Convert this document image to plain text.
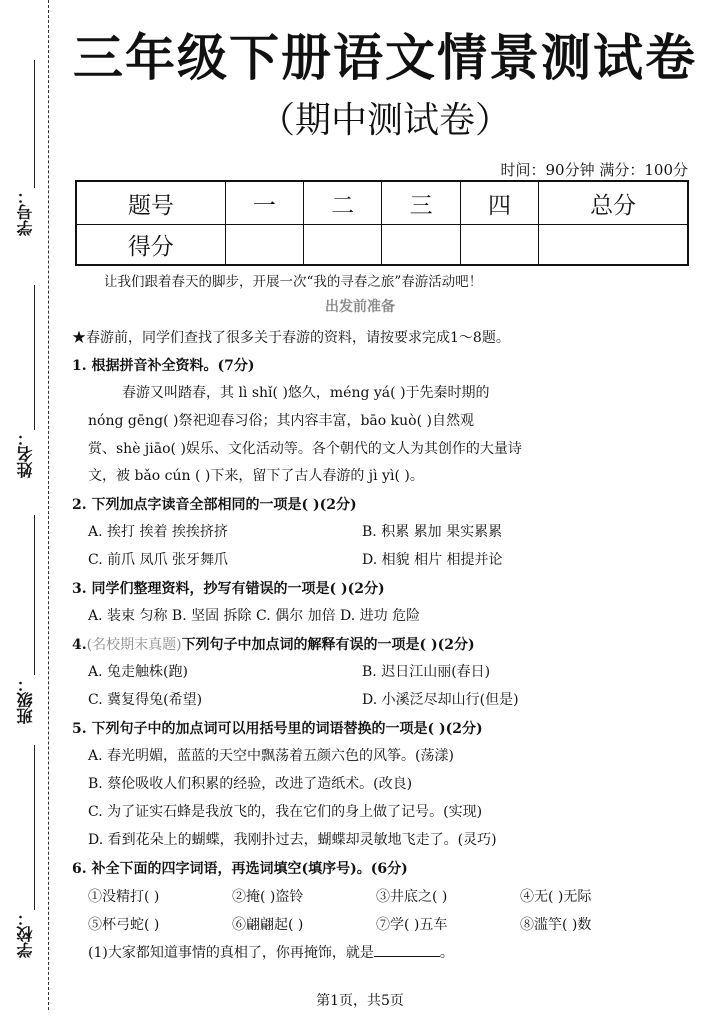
学号：
姓名：
班级：
学校：
三年级下册语文情景测试卷
（期中测试卷）
时间：90分钟 满分：100分
题号	一	二	三	四	总分
得分					
让我们跟着春天的脚步，开展一次“我的寻春之旅”春游活动吧！
出发前准备
★春游前，同学们查找了很多关于春游的资料，请按要求完成1～8题。
1. 根据拼音补全资料。(7分)
春游又叫踏春，其 lì shǐ( )悠久，méng yá( )于先秦时期的
nóng gēng( )祭祀迎春习俗；其内容丰富，bāo kuò( )自然观
赏、shè jiāo( )娱乐、文化活动等。各个朝代的文人为其创作的大量诗
文，被 bǎo cún ( )下来，留下了古人春游的 jì yì( )。
2. 下列加点字读音全部相同的一项是( )(2分)
A. 挨打 挨着 挨挨挤挤	B. 积累 累加 果实累累
C. 前爪 凤爪 张牙舞爪	D. 相貌 相片 相提并论
3. 同学们整理资料，抄写有错误的一项是( )(2分)
A. 装束 匀称 B. 坚固 拆除 C. 偶尔 加倍 D. 进功 危险
4.(名校期末真题)下列句子中加点词的解释有误的一项是( )(2分)
A. 兔走触株(跑)	B. 迟日江山丽(春日)
C. 冀复得兔(希望)	D. 小溪泛尽却山行(但是)
5. 下列句子中的加点词可以用括号里的词语替换的一项是( )(2分)
A. 春光明媚，蓝蓝的天空中飘荡着五颜六色的风筝。(荡漾)
B. 蔡伦吸收人们积累的经验，改进了造纸术。(改良)
C. 为了证实石蜂是我放飞的，我在它们的身上做了记号。(实现)
D. 看到花朵上的蝴蝶，我刚扑过去，蝴蝶却灵敏地飞走了。(灵巧)
6. 补全下面的四字词语，再选词填空(填序号)。(6分)
①没精打( )	②掩( )盗铃	③井底之( )	④无( )无际
⑤杯弓蛇( )	⑥翩翩起( )	⑦学( )五车	⑧滥竽( )数
(1)大家都知道事情的真相了，你再掩饰，就是	。
第1页，共5页
